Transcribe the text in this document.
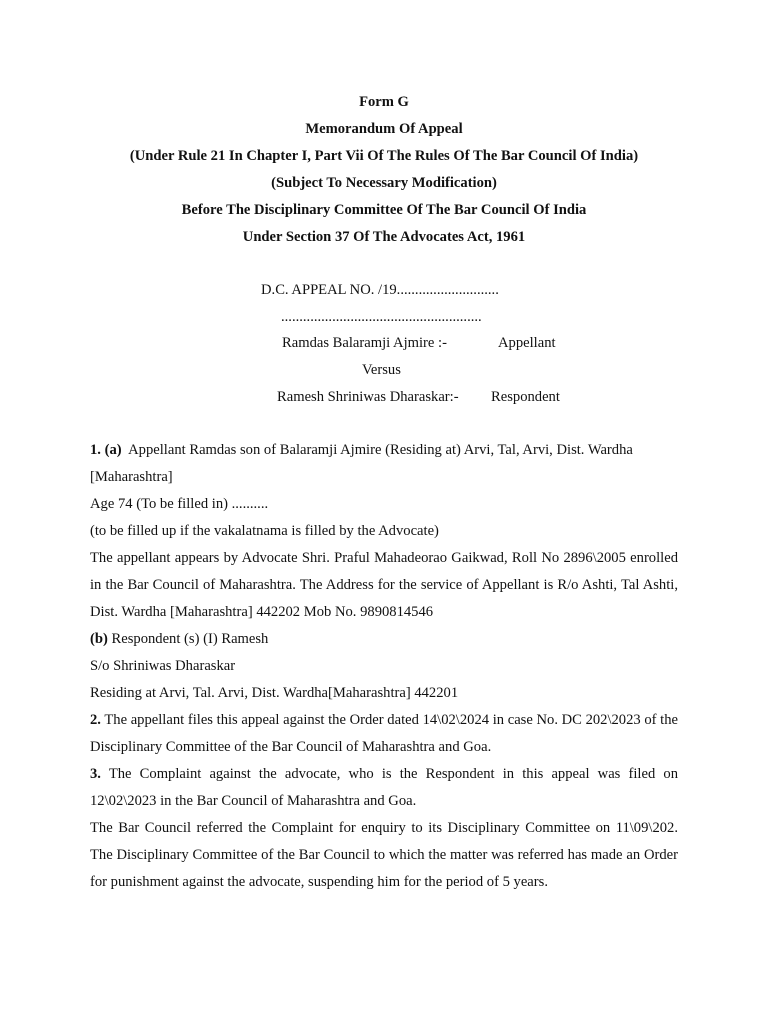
Form G
Memorandum Of Appeal
(Under Rule 21 In Chapter I, Part Vii Of The Rules Of The Bar Council Of India)
(Subject To Necessary Modification)
Before The Disciplinary Committee Of The Bar Council Of India
Under Section 37 Of The Advocates Act, 1961
D.C. APPEAL NO. /19............................
.......................................................
Ramdas Balaramji Ajmire :-	Appellant
Versus
Ramesh Shriniwas Dharaskar:- Respondent
1. (a) Appellant Ramdas son of Balaramji Ajmire (Residing at) Arvi, Tal, Arvi, Dist. Wardha
[Maharashtra]
Age 74 (To be filled in) ..........
(to be filled up if the vakalatnama is filled by the Advocate)
The appellant appears by Advocate Shri. Praful Mahadeorao Gaikwad, Roll No 2896\2005 enrolled in the Bar Council of Maharashtra. The Address for the service of Appellant is R/o Ashti, Tal Ashti, Dist. Wardha [Maharashtra] 442202 Mob No. 9890814546
(b) Respondent (s) (I) Ramesh
S/o Shriniwas Dharaskar
Residing at Arvi, Tal. Arvi, Dist. Wardha[Maharashtra] 442201
2. The appellant files this appeal against the Order dated 14\02\2024 in case No. DC 202\2023 of the Disciplinary Committee of the Bar Council of Maharashtra and Goa.
3. The Complaint against the advocate, who is the Respondent in this appeal was filed on 12\02\2023 in the Bar Council of Maharashtra and Goa.
The Bar Council referred the Complaint for enquiry to its Disciplinary Committee on 11\09\202. The Disciplinary Committee of the Bar Council to which the matter was referred has made an Order for punishment against the advocate, suspending him for the period of 5 years.
